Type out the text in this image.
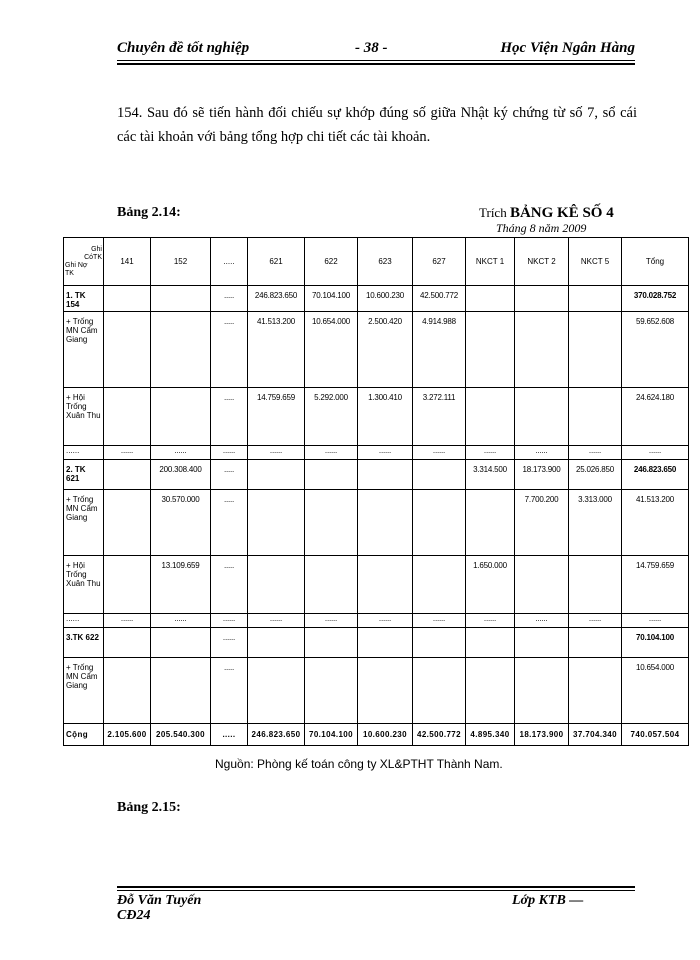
Chuyên đề tốt nghiệp	- 38 -	Học Viện Ngân Hàng
154. Sau đó sẽ tiến hành đối chiếu sự khớp đúng số giữa Nhật ký chứng từ số 7, sổ cái các tài khoản với bảng tổng hợp chi tiết các tài khoản.
Bảng 2.14:	Trích BẢNG KÊ SỐ 4
Tháng 8 năm 2009
Ghi
CóTK
Ghi Nợ
TK	141	152	.....	621	622	623	627	NKCT 1	NKCT 2	NKCT 5	Tổng
1. TK 154			.....	246.823.650	70.104.100	10.600.230	42.500.772				370.028.752
+ Trống MN Cẩm Giang			.....	41.513.200	10.654.000	2.500.420	4.914.988				59.652.608
+ Hội Trống Xuân Thu			.....	14.759.659	5.292.000	1.300.410	3.272.111				24.624.180
......	......	......	......	......	......	......	......	......	......	......	......
2. TK 621		200.308.400	.....					3.314.500	18.173.900	25.026.850	246.823.650
+ Trống MN Cẩm Giang		30.570.000	.....						7.700.200	3.313.000	41.513.200
+ Hội Trống Xuân Thu		13.109.659	.....					1.650.000			14.759.659
......	......	......	......	......	......	......	......	......	......	......	......
3.TK 622			......								70.104.100
+ Trống MN Cẩm Giang			.....								10.654.000
Cộng	2.105.600	205.540.300	.....	246.823.650	70.104.100	10.600.230	42.500.772	4.895.340	18.173.900	37.704.340	740.057.504
Nguồn: Phòng kế toán công ty XL&PTHT Thành Nam.
Bảng 2.15:
Đỗ Văn Tuyến
CĐ24
Lớp KTB —
